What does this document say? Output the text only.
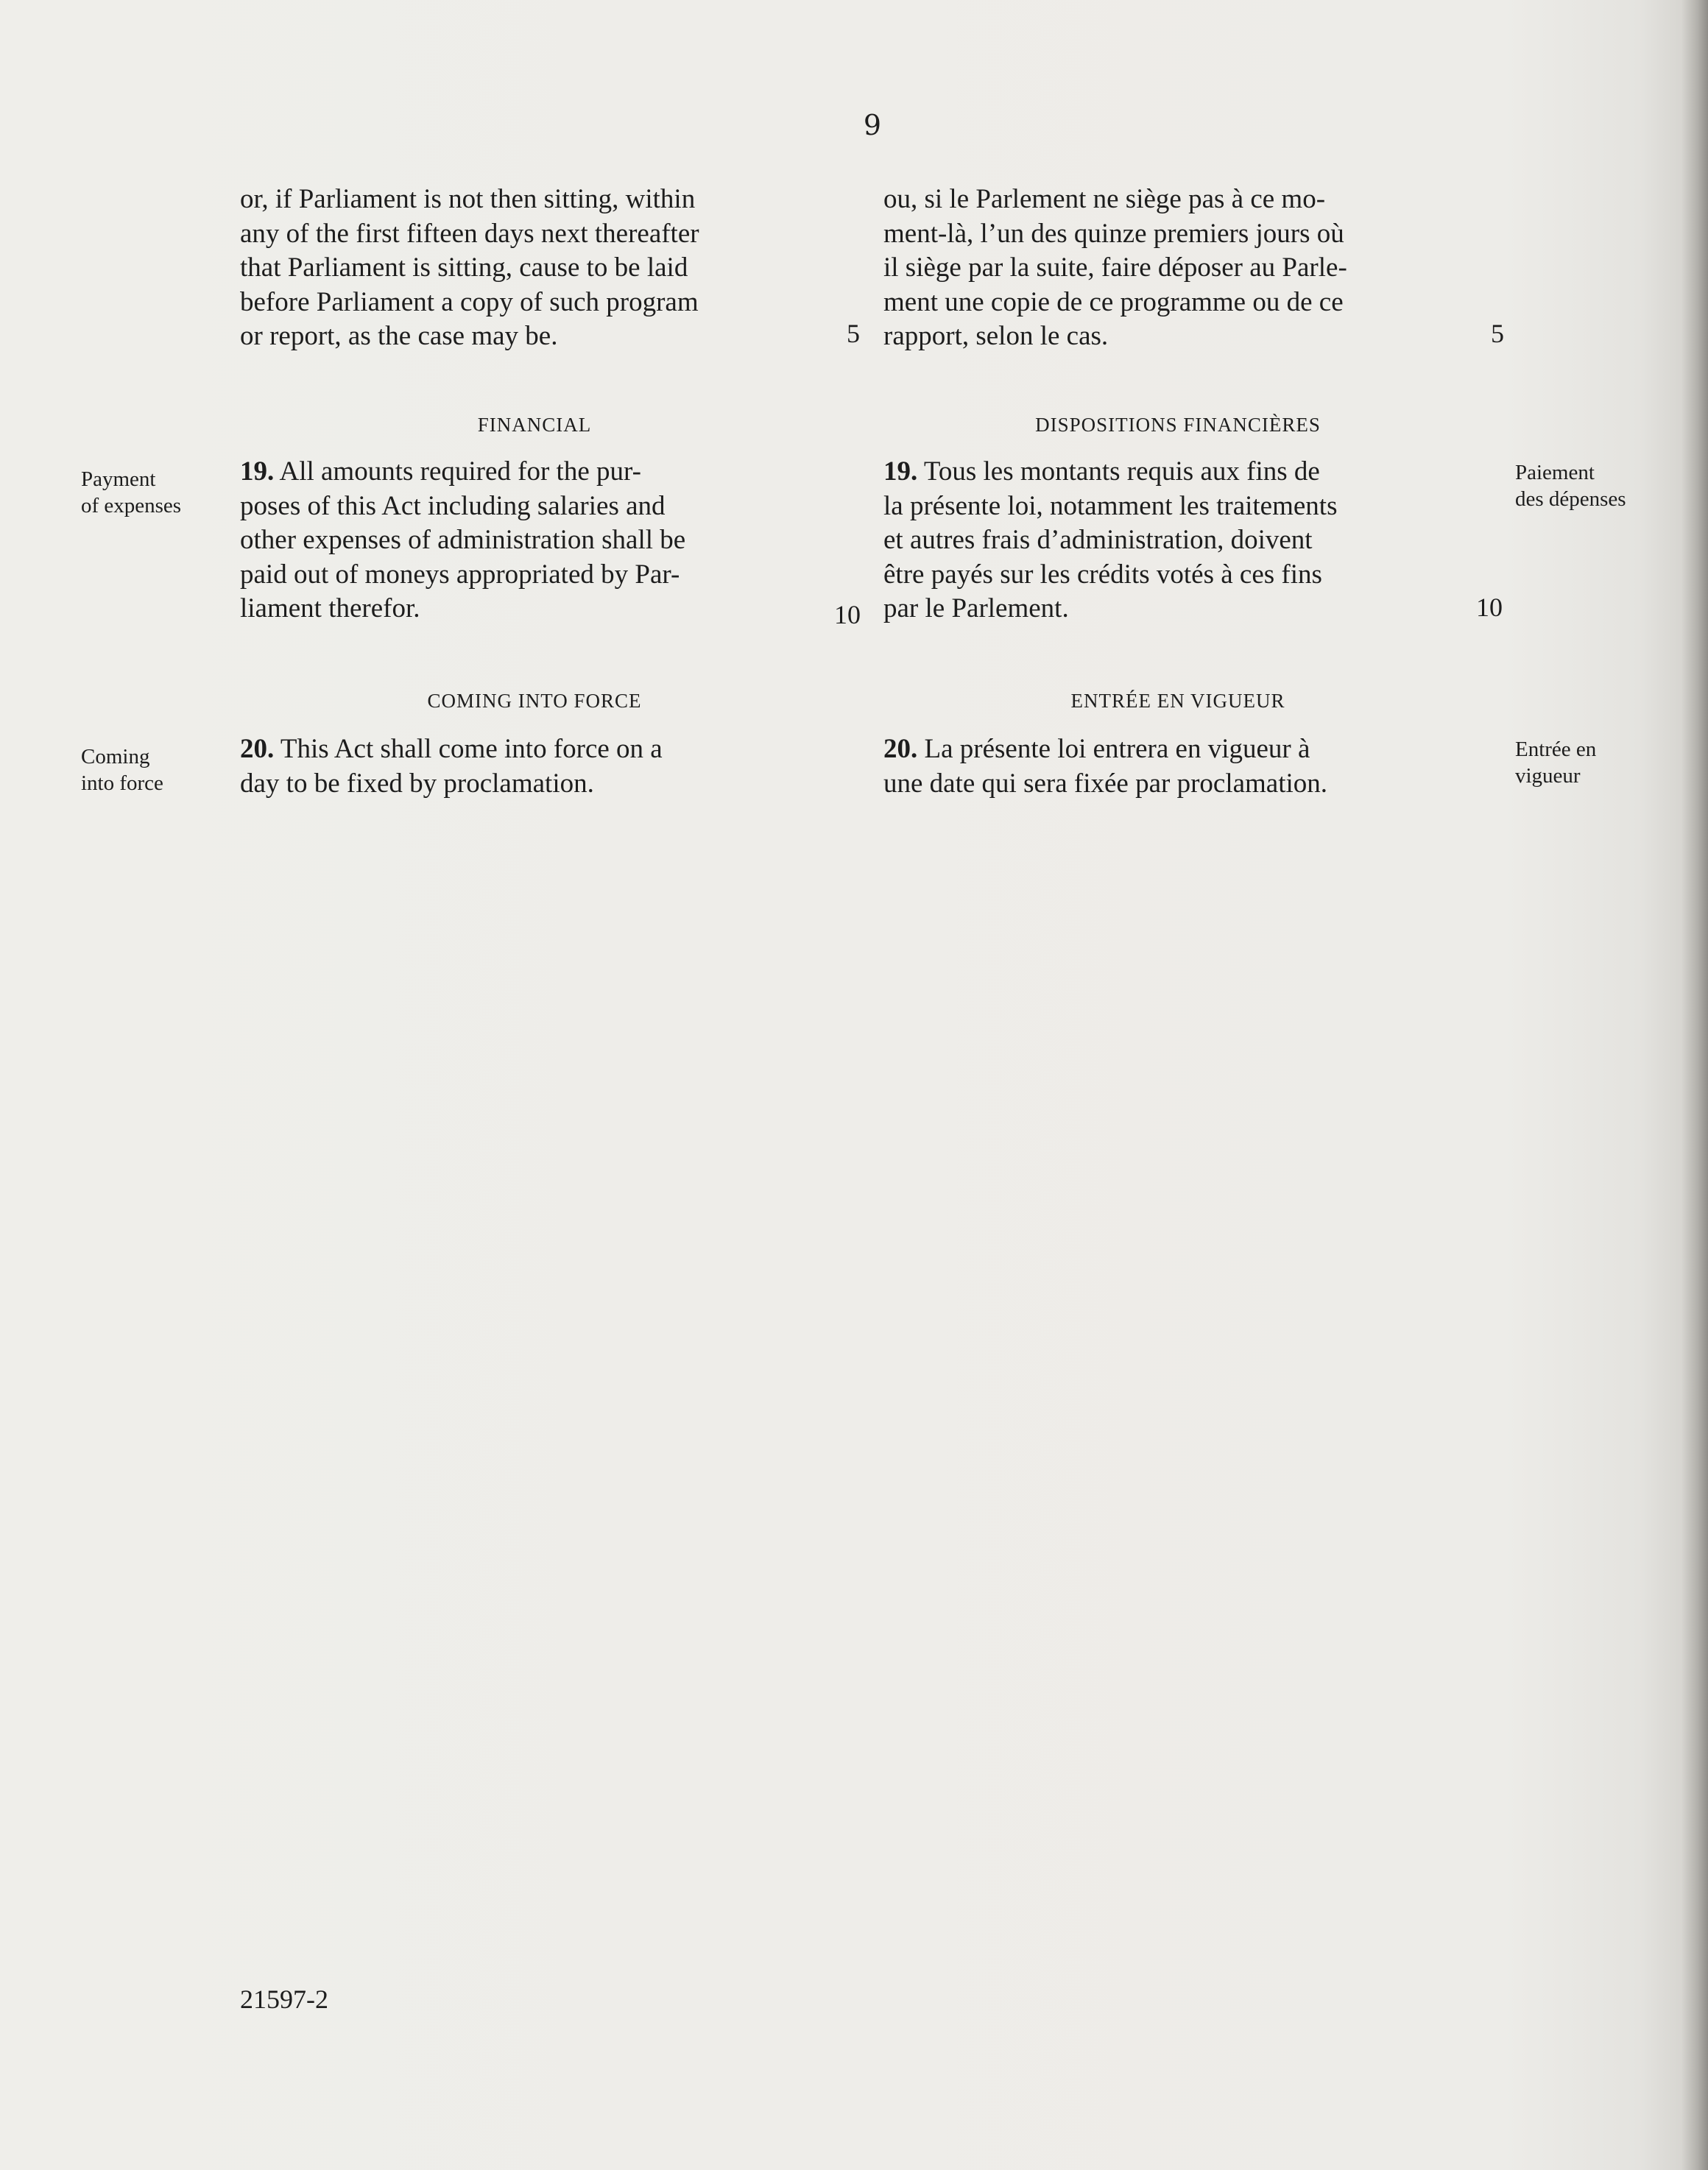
9

or, if Parliament is not then sitting, within
any of the first fifteen days next thereafter
that Parliament is sitting, cause to be laid
before Parliament a copy of such program
or report, as the case may be.	5

ou, si le Parlement ne siège pas à ce mo-
ment-là, l’un des quinze premiers jours où
il siège par la suite, faire déposer au Parle-
ment une copie de ce programme ou de ce
rapport, selon le cas.	5
FINANCIAL	DISPOSITIONS FINANCIÈRES
Payment
of expenses
Paiement
des dépenses

19. All amounts required for the pur-
poses of this Act including salaries and
other expenses of administration shall be
paid out of moneys appropriated by Par-
liament therefor.	10

19. Tous les montants requis aux fins de
la présente loi, notamment les traitements
et autres frais d’administration, doivent
être payés sur les crédits votés à ces fins
par le Parlement.	10
COMING INTO FORCE	ENTRÉE EN VIGUEUR
Coming
into force
Entrée en
vigueur

20. This Act shall come into force on a
day to be fixed by proclamation.

20. La présente loi entrera en vigueur à
une date qui sera fixée par proclamation.

21597-2
